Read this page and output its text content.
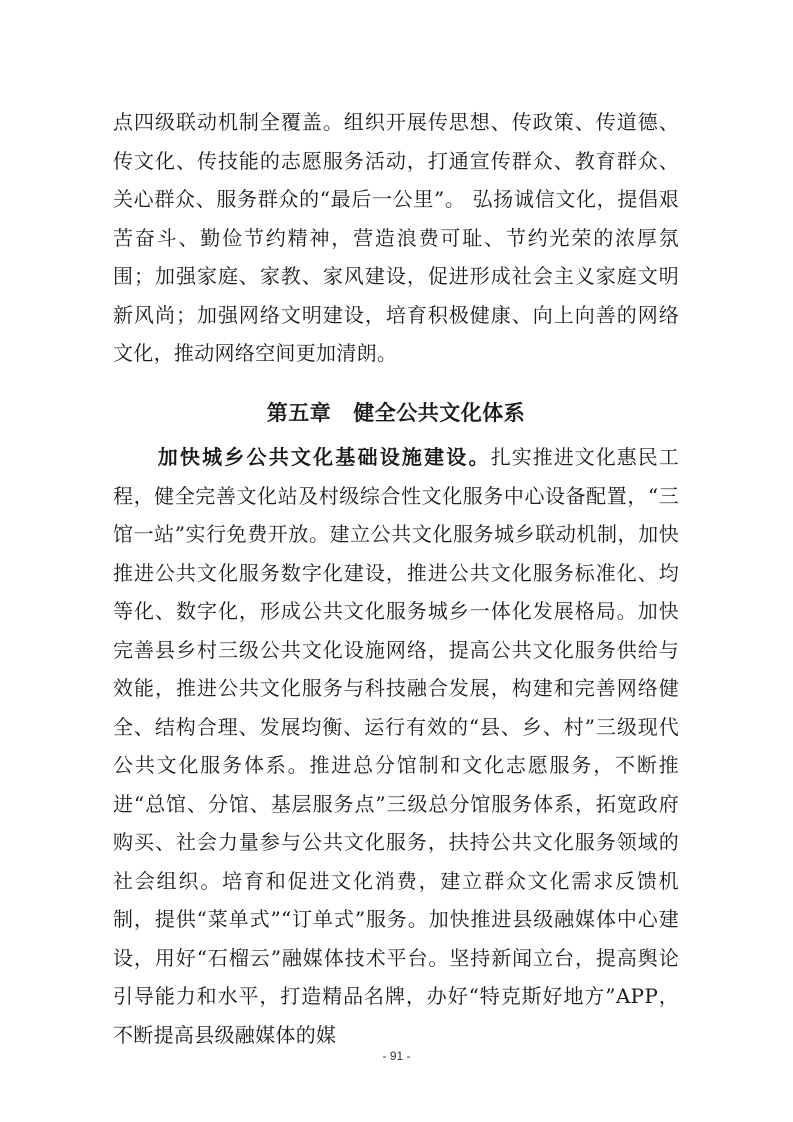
点四级联动机制全覆盖。组织开展传思想、传政策、传道德、传文化、传技能的志愿服务活动，打通宣传群众、教育群众、关心群众、服务群众的“最后一公里”。 弘扬诚信文化，提倡艰苦奋斗、勤俭节约精神，营造浪费可耻、节约光荣的浓厚氛围；加强家庭、家教、家风建设，促进形成社会主义家庭文明新风尚；加强网络文明建设，培育积极健康、向上向善的网络文化，推动网络空间更加清朗。

第五章 健全公共文化体系

加快城乡公共文化基础设施建设。扎实推进文化惠民工程，健全完善文化站及村级综合性文化服务中心设备配置，“三馆一站”实行免费开放。建立公共文化服务城乡联动机制，加快推进公共文化服务数字化建设，推进公共文化服务标准化、均等化、数字化，形成公共文化服务城乡一体化发展格局。加快完善县乡村三级公共文化设施网络，提高公共文化服务供给与效能，推进公共文化服务与科技融合发展，构建和完善网络健全、结构合理、发展均衡、运行有效的“县、乡、村”三级现代公共文化服务体系。推进总分馆制和文化志愿服务，不断推进“总馆、分馆、基层服务点”三级总分馆服务体系，拓宽政府购买、社会力量参与公共文化服务，扶持公共文化服务领域的社会组织。培育和促进文化消费，建立群众文化需求反馈机制，提供“菜单式”“订单式”服务。加快推进县级融媒体中心建设，用好“石榴云”融媒体技术平台。坚持新闻立台，提高舆论引导能力和水平，打造精品名牌，办好“特克斯好地方”APP，不断提高县级融媒体的媒

- 91 -
